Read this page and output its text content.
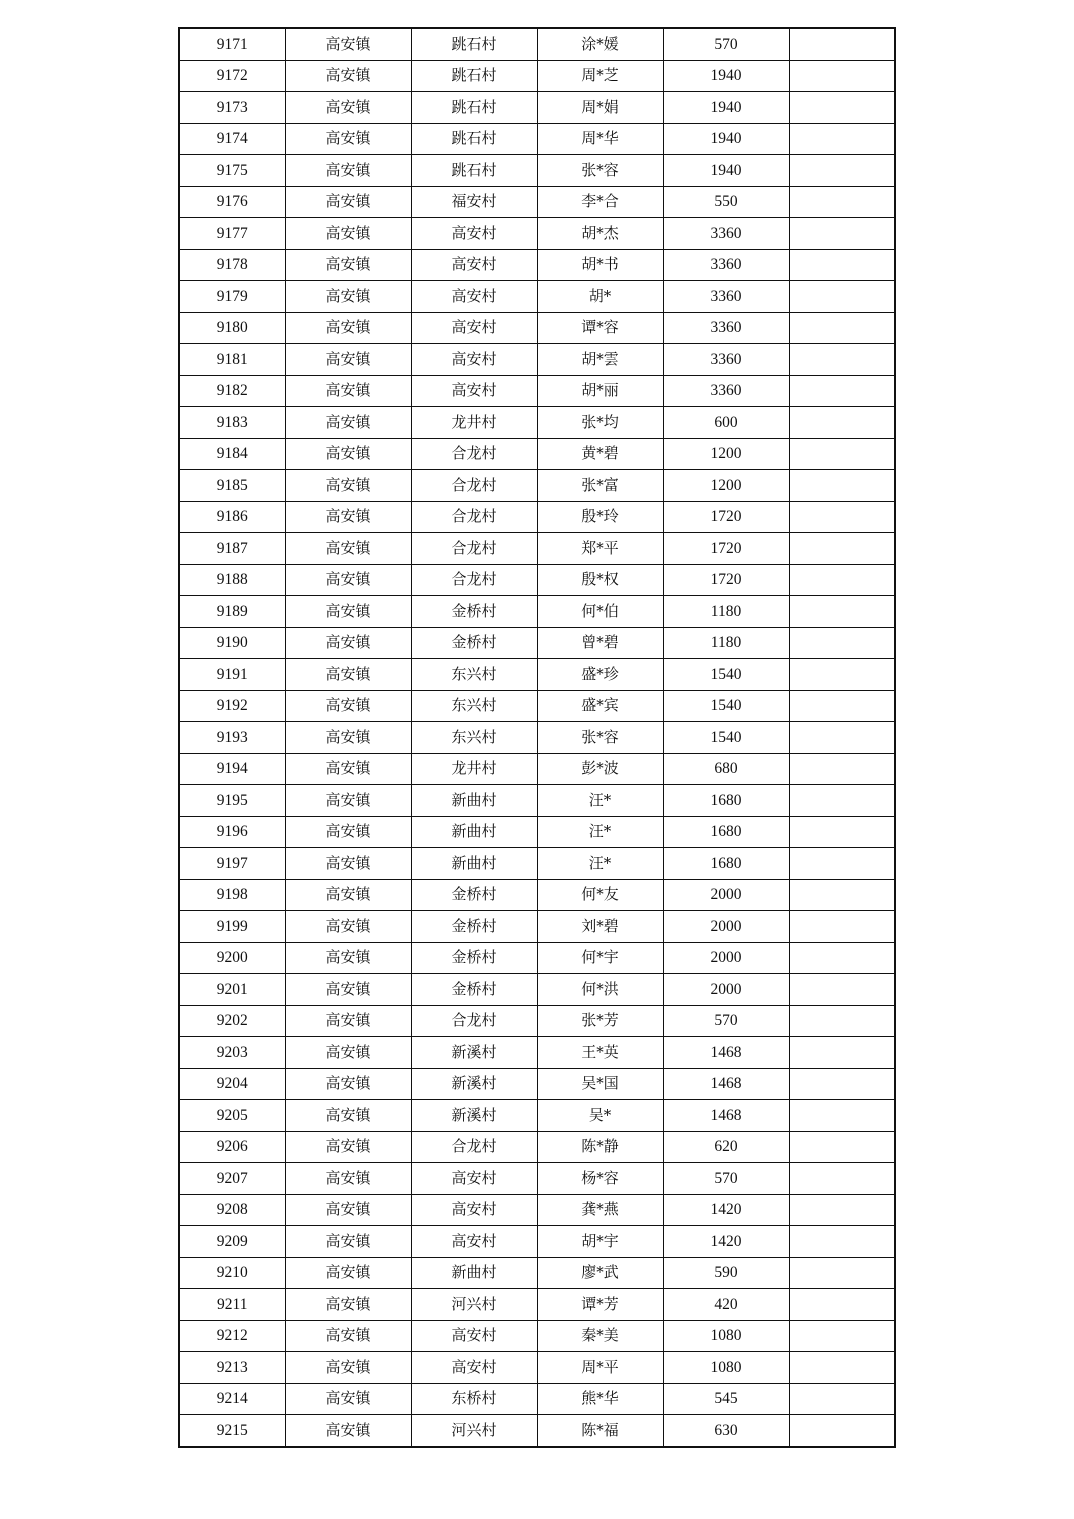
9171	高安镇	跳石村	涂*媛	570	
9172	高安镇	跳石村	周*芝	1940	
9173	高安镇	跳石村	周*娟	1940	
9174	高安镇	跳石村	周*华	1940	
9175	高安镇	跳石村	张*容	1940	
9176	高安镇	福安村	李*合	550	
9177	高安镇	高安村	胡*杰	3360	
9178	高安镇	高安村	胡*书	3360	
9179	高安镇	高安村	胡*	3360	
9180	高安镇	高安村	谭*容	3360	
9181	高安镇	高安村	胡*雲	3360	
9182	高安镇	高安村	胡*丽	3360	
9183	高安镇	龙井村	张*均	600	
9184	高安镇	合龙村	黄*碧	1200	
9185	高安镇	合龙村	张*富	1200	
9186	高安镇	合龙村	殷*玲	1720	
9187	高安镇	合龙村	郑*平	1720	
9188	高安镇	合龙村	殷*权	1720	
9189	高安镇	金桥村	何*伯	1180	
9190	高安镇	金桥村	曾*碧	1180	
9191	高安镇	东兴村	盛*珍	1540	
9192	高安镇	东兴村	盛*宾	1540	
9193	高安镇	东兴村	张*容	1540	
9194	高安镇	龙井村	彭*波	680	
9195	高安镇	新曲村	汪*	1680	
9196	高安镇	新曲村	汪*	1680	
9197	高安镇	新曲村	汪*	1680	
9198	高安镇	金桥村	何*友	2000	
9199	高安镇	金桥村	刘*碧	2000	
9200	高安镇	金桥村	何*宇	2000	
9201	高安镇	金桥村	何*洪	2000	
9202	高安镇	合龙村	张*芳	570	
9203	高安镇	新溪村	王*英	1468	
9204	高安镇	新溪村	吴*国	1468	
9205	高安镇	新溪村	吴*	1468	
9206	高安镇	合龙村	陈*静	620	
9207	高安镇	高安村	杨*容	570	
9208	高安镇	高安村	龚*燕	1420	
9209	高安镇	高安村	胡*宇	1420	
9210	高安镇	新曲村	廖*武	590	
9211	高安镇	河兴村	谭*芳	420	
9212	高安镇	高安村	秦*美	1080	
9213	高安镇	高安村	周*平	1080	
9214	高安镇	东桥村	熊*华	545	
9215	高安镇	河兴村	陈*福	630	
